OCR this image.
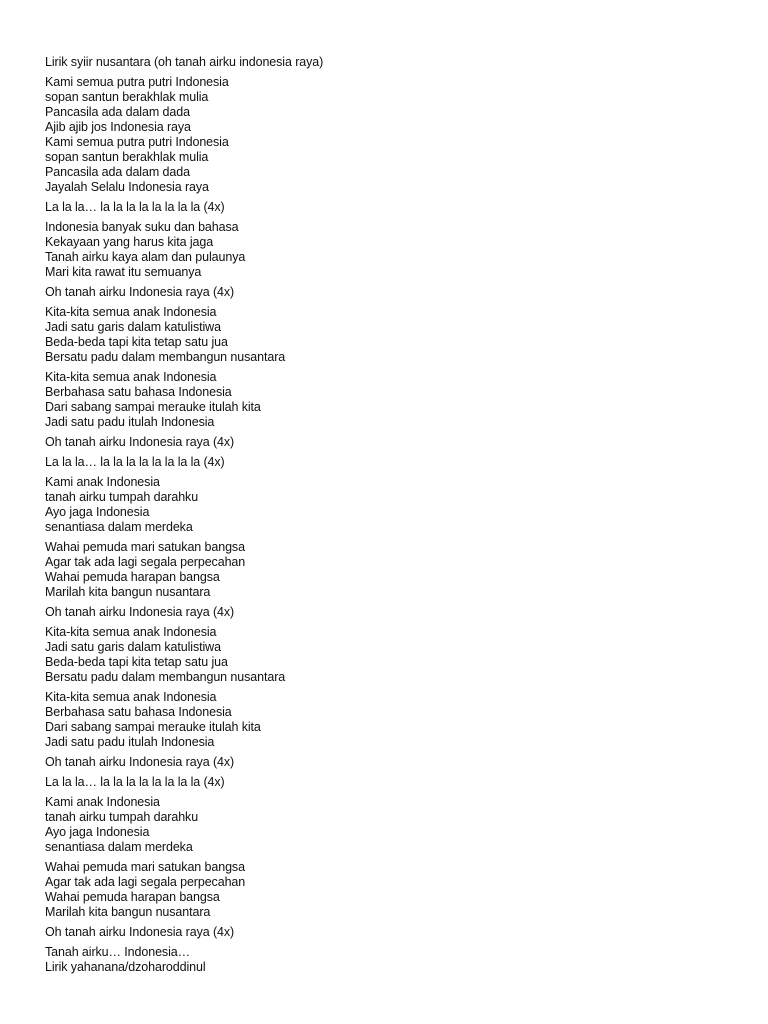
Lirik syiir nusantara (oh tanah airku indonesia raya)
Kami semua putra putri Indonesia
sopan santun berakhlak mulia
Pancasila ada dalam dada
Ajib ajib jos Indonesia raya
Kami semua putra putri Indonesia
sopan santun berakhlak mulia
Pancasila ada dalam dada
Jayalah Selalu Indonesia raya
La la la… la la la la la la la la (4x)
Indonesia banyak suku dan bahasa
Kekayaan yang harus kita jaga
Tanah airku kaya alam dan pulaunya
Mari kita rawat itu semuanya
Oh tanah airku Indonesia raya (4x)
Kita-kita semua anak Indonesia
Jadi satu garis dalam katulistiwa
Beda-beda tapi kita tetap satu jua
Bersatu padu dalam membangun nusantara
Kita-kita semua anak Indonesia
Berbahasa satu bahasa Indonesia
Dari sabang sampai merauke itulah kita
Jadi satu padu itulah Indonesia
Oh tanah airku Indonesia raya (4x)
La la la… la la la la la la la la (4x)
Kami anak Indonesia
tanah airku tumpah darahku
Ayo jaga Indonesia
senantiasa dalam merdeka
Wahai pemuda mari satukan bangsa
Agar tak ada lagi segala perpecahan
Wahai pemuda harapan bangsa
Marilah kita bangun nusantara
Oh tanah airku Indonesia raya (4x)
Kita-kita semua anak Indonesia
Jadi satu garis dalam katulistiwa
Beda-beda tapi kita tetap satu jua
Bersatu padu dalam membangun nusantara
Kita-kita semua anak Indonesia
Berbahasa satu bahasa Indonesia
Dari sabang sampai merauke itulah kita
Jadi satu padu itulah Indonesia
Oh tanah airku Indonesia raya (4x)
La la la… la la la la la la la la (4x)
Kami anak Indonesia
tanah airku tumpah darahku
Ayo jaga Indonesia
senantiasa dalam merdeka
Wahai pemuda mari satukan bangsa
Agar tak ada lagi segala perpecahan
Wahai pemuda harapan bangsa
Marilah kita bangun nusantara
Oh tanah airku Indonesia raya (4x)
Tanah airku… Indonesia…
Lirik yahanana/dzoharoddinul
